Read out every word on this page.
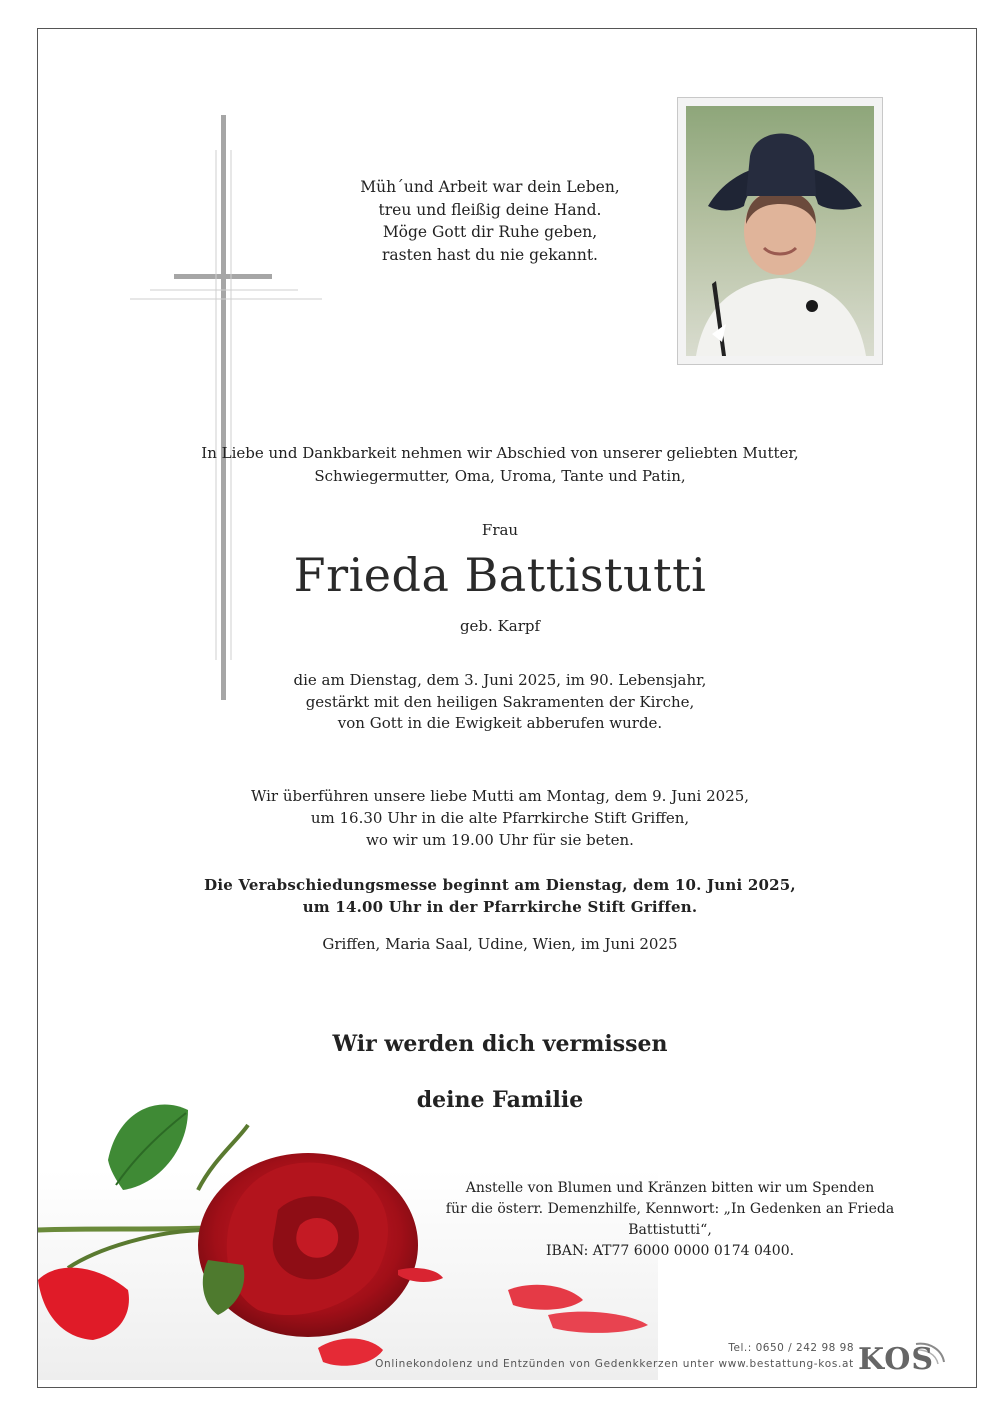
Müh´und Arbeit war dein Leben,
treu und fleißig deine Hand.
Möge Gott dir Ruhe geben,
rasten hast du nie gekannt.
In Liebe und Dankbarkeit nehmen wir Abschied von unserer geliebten Mutter,
Schwiegermutter, Oma, Uroma, Tante und Patin,
Frau
Frieda Battistutti
geb. Karpf
die am Dienstag, dem 3. Juni 2025, im 90. Lebensjahr,
gestärkt mit den heiligen Sakramenten der Kirche,
von Gott in die Ewigkeit abberufen wurde.
Wir überführen unsere liebe Mutti am Montag, dem 9. Juni 2025,
um 16.30 Uhr in die alte Pfarrkirche Stift Griffen,
wo wir um 19.00 Uhr für sie beten.
Die Verabschiedungsmesse beginnt am Dienstag, dem 10. Juni 2025,
um 14.00 Uhr in der Pfarrkirche Stift Griffen.
Griffen, Maria Saal, Udine, Wien, im Juni 2025
Wir werden dich vermissen
deine Familie
Anstelle von Blumen und Kränzen bitten wir um Spenden
für die österr. Demenzhilfe, Kennwort: „In Gedenken an Frieda Battistutti“,
IBAN: AT77 6000 0000 0174 0400.
Tel.: 0650 / 242 98 98
Onlinekondolenz und Entzünden von Gedenkkerzen unter www.bestattung-kos.at KOS
